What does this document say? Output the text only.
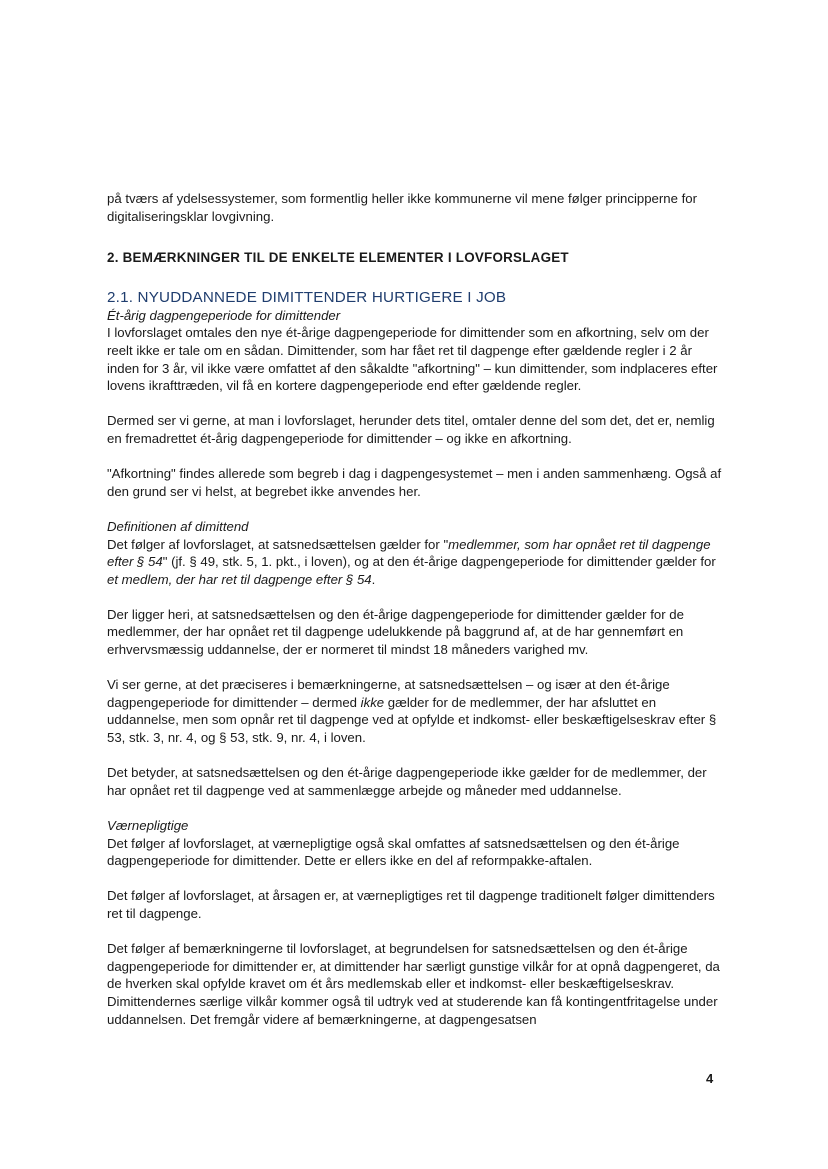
på tværs af ydelsessystemer, som formentlig heller ikke kommunerne vil mene følger principperne for digitaliseringsklar lovgivning.

2. BEMÆRKNINGER TIL DE ENKELTE ELEMENTER I LOVFORSLAGET

2.1. NYUDDANNEDE DIMITTENDER HURTIGERE I JOB

Ét-årig dagpengeperiode for dimittender

I lovforslaget omtales den nye ét-årige dagpengeperiode for dimittender som en afkortning, selv om der reelt ikke er tale om en sådan. Dimittender, som har fået ret til dagpenge efter gældende regler i 2 år inden for 3 år, vil ikke være omfattet af den såkaldte "afkortning" – kun dimittender, som indplaceres efter lovens ikrafttræden, vil få en kortere dagpengeperiode end efter gældende regler.

Dermed ser vi gerne, at man i lovforslaget, herunder dets titel, omtaler denne del som det, det er, nemlig en fremadrettet ét-årig dagpengeperiode for dimittender – og ikke en afkortning.

"Afkortning" findes allerede som begreb i dag i dagpengesystemet – men i anden sammenhæng. Også af den grund ser vi helst, at begrebet ikke anvendes her.

Definitionen af dimittend

Det følger af lovforslaget, at satsnedsættelsen gælder for "medlemmer, som har opnået ret til dagpenge efter § 54" (jf. § 49, stk. 5, 1. pkt., i loven), og at den ét-årige dagpengeperiode for dimittender gælder for et medlem, der har ret til dagpenge efter § 54.

Der ligger heri, at satsnedsættelsen og den ét-årige dagpengeperiode for dimittender gælder for de medlemmer, der har opnået ret til dagpenge udelukkende på baggrund af, at de har gennemført en erhvervsmæssig uddannelse, der er normeret til mindst 18 måneders varighed mv.

Vi ser gerne, at det præciseres i bemærkningerne, at satsnedsættelsen – og især at den ét-årige dagpengeperiode for dimittender – dermed ikke gælder for de medlemmer, der har afsluttet en uddannelse, men som opnår ret til dagpenge ved at opfylde et indkomst- eller beskæftigelseskrav efter § 53, stk. 3, nr. 4, og § 53, stk. 9, nr. 4, i loven.

Det betyder, at satsnedsættelsen og den ét-årige dagpengeperiode ikke gælder for de medlemmer, der har opnået ret til dagpenge ved at sammenlægge arbejde og måneder med uddannelse.

Værnepligtige

Det følger af lovforslaget, at værnepligtige også skal omfattes af satsnedsættelsen og den ét-årige dagpengeperiode for dimittender. Dette er ellers ikke en del af reformpakke-aftalen.

Det følger af lovforslaget, at årsagen er, at værnepligtiges ret til dagpenge traditionelt følger dimittenders ret til dagpenge.

Det følger af bemærkningerne til lovforslaget, at begrundelsen for satsnedsættelsen og den ét-årige dagpengeperiode for dimittender er, at dimittender har særligt gunstige vilkår for at opnå dagpengeret, da de hverken skal opfylde kravet om ét års medlemskab eller et indkomst- eller beskæftigelseskrav. Dimittendernes særlige vilkår kommer også til udtryk ved at studerende kan få kontingentfritagelse under uddannelsen. Det fremgår videre af bemærkningerne, at dagpengesatsen

4
